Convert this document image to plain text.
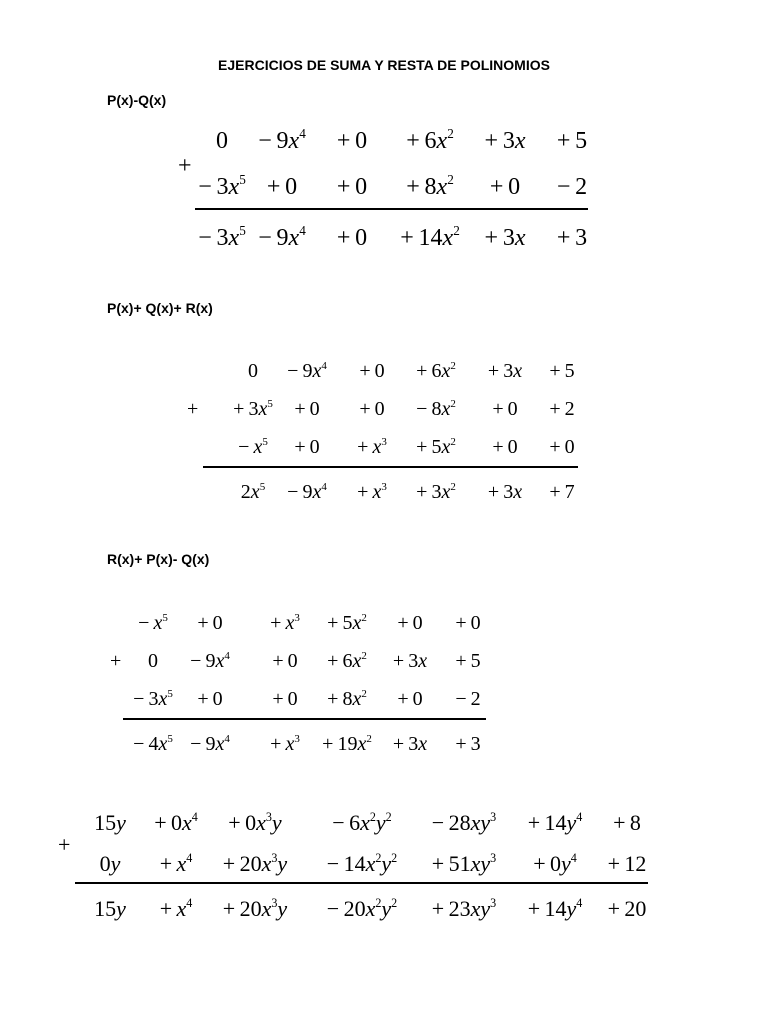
EJERCICIOS DE SUMA Y RESTA DE POLINOMIOS
P(x)-Q(x)
P(x)+ Q(x)+ R(x)
R(x)+ P(x)- Q(x)
$0 - 9x^4 + 0 + 6x^2 + 3x + 5$
− $3x^5 + 0 + 0 + 8x^2 + 0 - 2$
− $3x^5 - 9x^4 + 0 + 14x^2 + 3x + 3$
+
$0 - 9x^4 + 0 + 6x^2 + 3x + 5$
+ $3x^5 + 0 + 0 - 8x^2 + 0 + 2$
− $x^5 + 0 + x^3 + 5x^2 + 0 + 0$
$2x^5 - 9x^4 + x^3 + 3x^2 + 3x + 7$
+
− $x^5 + 0 + x^3 + 5x^2 + 0 + 0$
$0 - 9x^4 + 0 + 6x^2 + 3x + 5$
− $3x^5 + 0 + 0 + 8x^2 + 0 - 2$
− $4x^5 - 9x^4 + x^3 + 19x^2 + 3x + 3$
+
$15y + 0x^4 + 0x^3y - 6x^2y^2 - 28xy^3 + 14y^4 + 8$
$0y + x^4 + 20x^3y - 14x^2y^2 + 51xy^3 + 0y^4 + 12$
$15y + x^4 + 20x^3y - 20x^2y^2 + 23xy^3 + 14y^4 + 20$
+
